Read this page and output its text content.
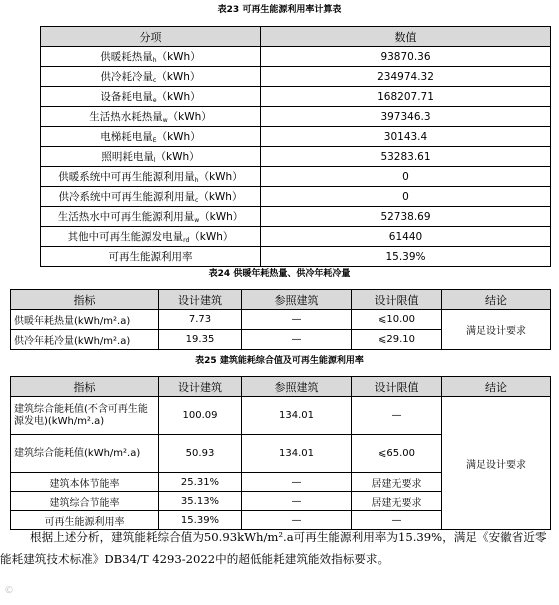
表23 可再生能源利用率计算表
分项	数值
供暖耗热量$_h$（kWh）	93870.36
供冷耗冷量$_c$（kWh）	234974.32
设备耗电量$_e$（kWh）	168207.71
生活热水耗热量$_w$（kWh）	397346.3
电梯耗电量$_E$（kWh）	30143.4
照明耗电量$_l$（kWh）	53283.61
供暖系统中可再生能源利用量$_h$（kWh）	0
供冷系统中可再生能源利用量$_c$（kWh）	0
生活热水中可再生能源利用量$_w$（kWh）	52738.69
其他中可再生能源发电量$_{rd}$（kWh）	61440
可再生能源利用率	15.39%
表24 供暖年耗热量、供冷年耗冷量
指标	设计建筑	参照建筑	设计限值	结论
供暖年耗热量(kWh/m².a)	7.73	—	⩽10.00	满足设计要求
供冷年耗冷量(kWh/m².a)	19.35	—	⩽29.10	
表25 建筑能耗综合值及可再生能源利用率
指标	设计建筑	参照建筑	设计限值	结论
建筑综合能耗值(不含可再生能源发电)(kWh/m².a)	100.09	134.01	—	满足设计要求
建筑综合能耗值(kWh/m².a)	50.93	134.01	⩽65.00	
建筑本体节能率	25.31%	—	居建无要求	
建筑综合节能率	35.13%	—	居建无要求	
可再生能源利用率	15.39%	—	—	
根据上述分析，建筑能耗综合值为50.93kWh/m².a可再生能源利用率为15.39%，满足《安徽省近零能耗建筑技术标准》DB34/T 4293-2022中的超低能耗建筑能效指标要求。
©
